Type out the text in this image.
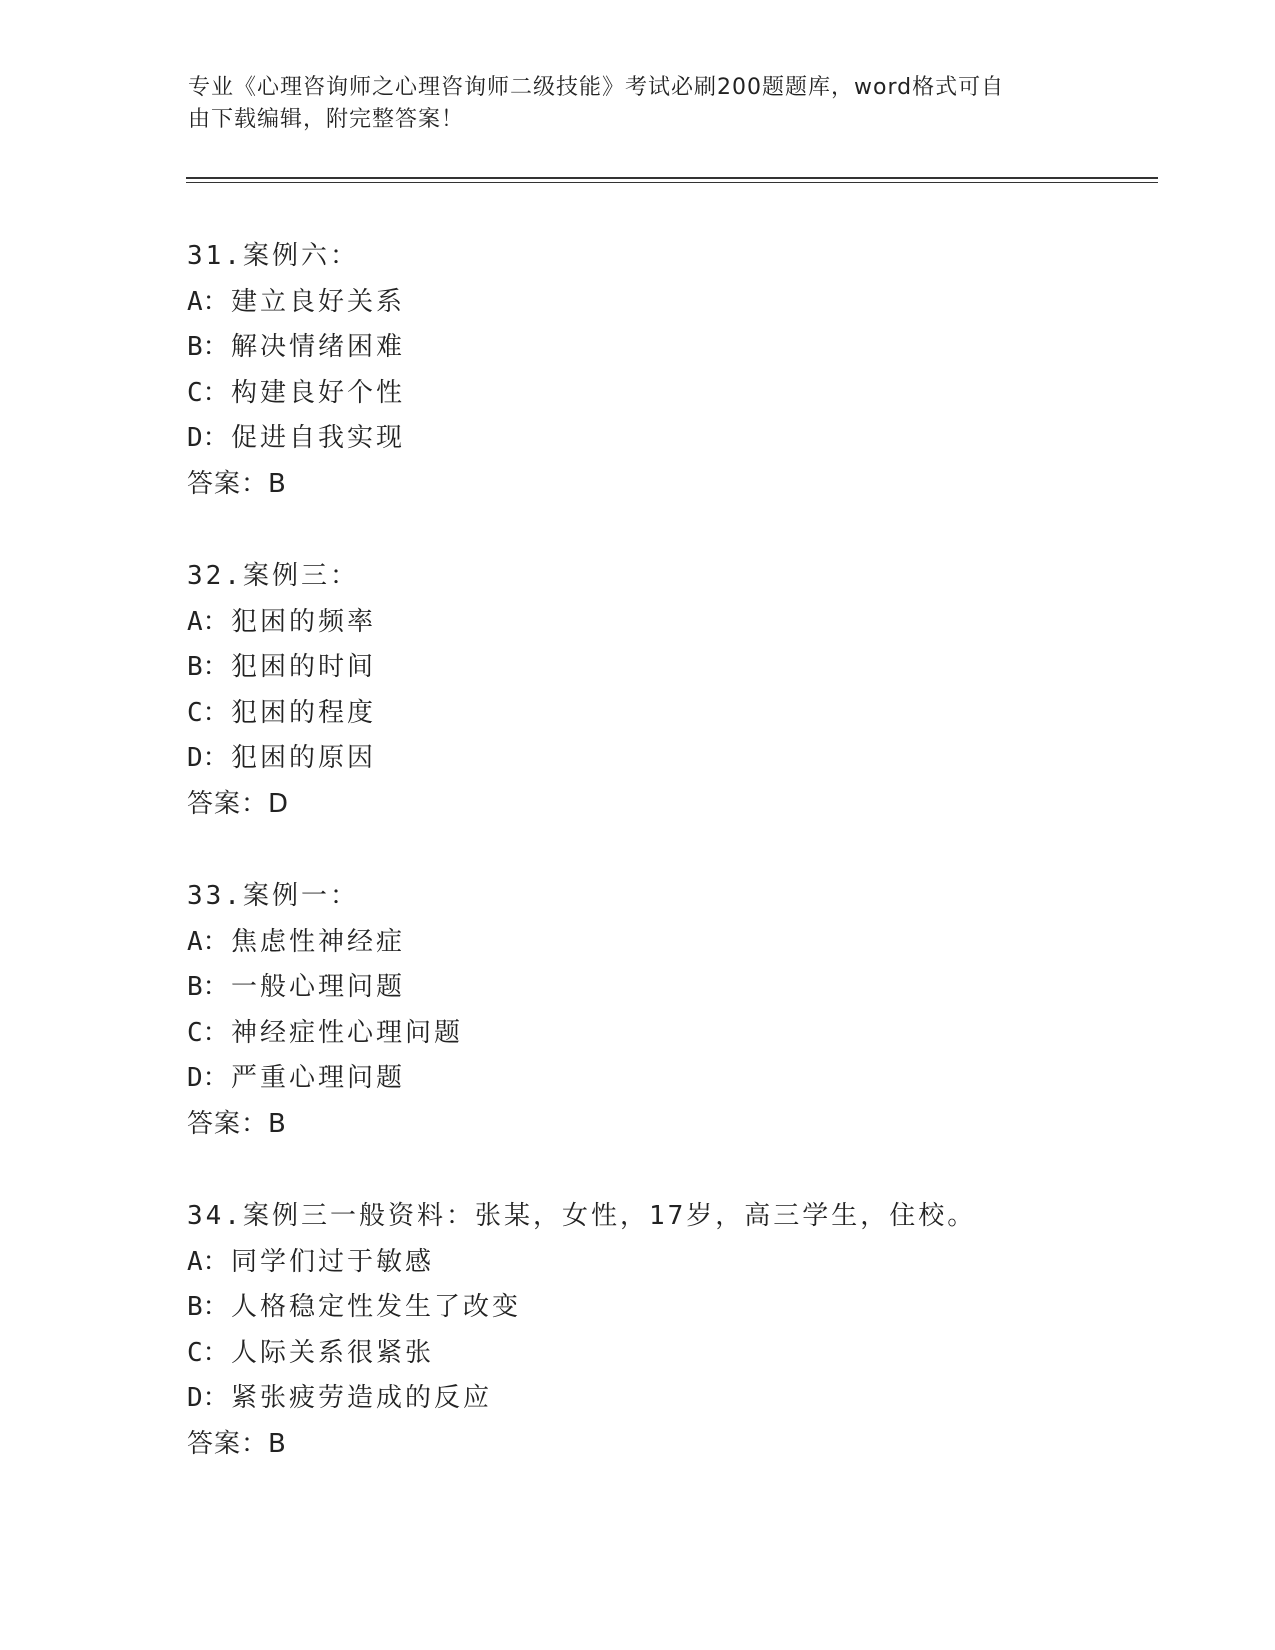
专业《心理咨询师之心理咨询师二级技能》考试必刷200题题库，word格式可自
由下载编辑，附完整答案！
31.案例六：
A：建立良好关系
B：解决情绪困难
C：构建良好个性
D：促进自我实现
答案：B
32.案例三：
A：犯困的频率
B：犯困的时间
C：犯困的程度
D：犯困的原因
答案：D
33.案例一：
A：焦虑性神经症
B：一般心理问题
C：神经症性心理问题
D：严重心理问题
答案：B
34.案例三一般资料：张某，女性，17岁，高三学生，住校。
A：同学们过于敏感
B：人格稳定性发生了改变
C：人际关系很紧张
D：紧张疲劳造成的反应
答案：B
